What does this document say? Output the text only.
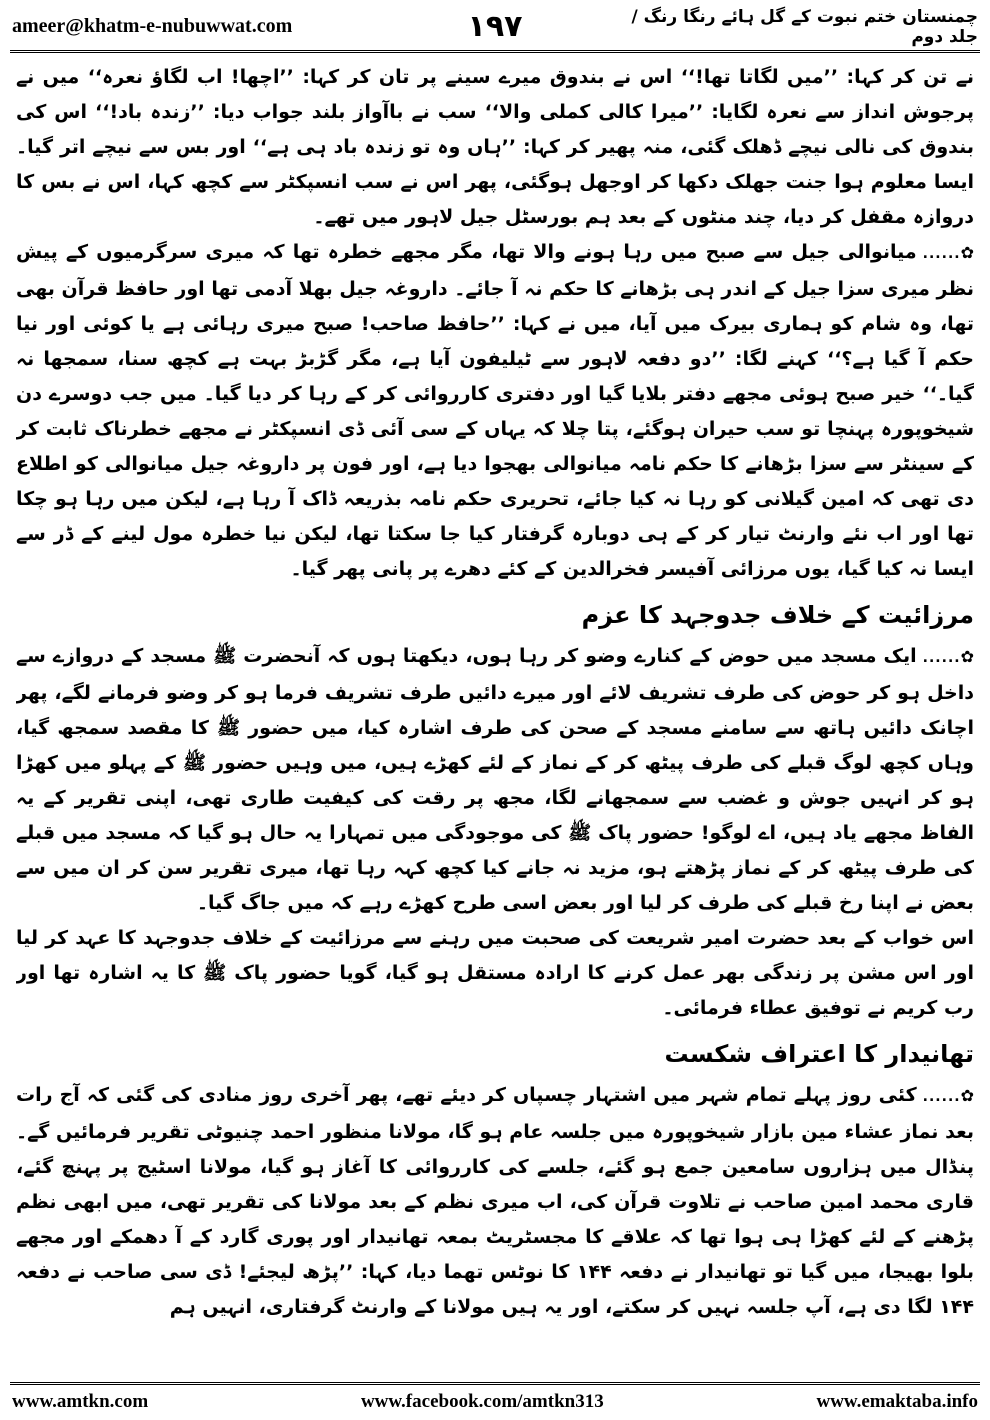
ameer@khatm-e-nubuwwat.com	۱۹۷	چمنستان ختم نبوت کے گل ہائے رنگا رنگ / جلد دوم

نے تن کر کہا: ’’میں لگاتا تھا!‘‘ اس نے بندوق میرے سینے پر تان کر کہا: ’’اچھا! اب لگاؤ نعرہ‘‘ میں نے پرجوش انداز سے نعرہ لگایا: ’’میرا کالی کملی والا‘‘ سب نے باآواز بلند جواب دیا: ’’زندہ باد!‘‘ اس کی بندوق کی نالی نیچے ڈھلک گئی، منہ پھیر کر کہا: ’’ہاں وہ تو زندہ باد ہی ہے‘‘ اور بس سے نیچے اتر گیا۔ ایسا معلوم ہوا جنت جھلک دکھا کر اوجھل ہوگئی، پھر اس نے سب انسپکٹر سے کچھ کہا، اس نے بس کا دروازہ مقفل کر دیا، چند منٹوں کے بعد ہم بورسٹل جیل لاہور میں تھے۔

✿......میانوالی جیل سے صبح میں رہا ہونے والا تھا، مگر مجھے خطرہ تھا کہ میری سرگرمیوں کے پیش نظر میری سزا جیل کے اندر ہی بڑھانے کا حکم نہ آ جائے۔ داروغہ جیل بھلا آدمی تھا اور حافظ قرآن بھی تھا، وہ شام کو ہماری بیرک میں آیا، میں نے کہا: ’’حافظ صاحب! صبح میری رہائی ہے یا کوئی اور نیا حکم آ گیا ہے؟‘‘ کہنے لگا: ’’دو دفعہ لاہور سے ٹیلیفون آیا ہے، مگر گڑبڑ بہت ہے کچھ سنا، سمجھا نہ گیا۔‘‘ خیر صبح ہوئی مجھے دفتر بلایا گیا اور دفتری کارروائی کر کے رہا کر دیا گیا۔ میں جب دوسرے دن شیخوپورہ پہنچا تو سب حیران ہوگئے، پتا چلا کہ یہاں کے سی آئی ڈی انسپکٹر نے مجھے خطرناک ثابت کر کے سینٹر سے سزا بڑھانے کا حکم نامہ میانوالی بھجوا دیا ہے، اور فون پر داروغہ جیل میانوالی کو اطلاع دی تھی کہ امین گیلانی کو رہا نہ کیا جائے، تحریری حکم نامہ بذریعہ ڈاک آ رہا ہے، لیکن میں رہا ہو چکا تھا اور اب نئے وارنٹ تیار کر کے ہی دوبارہ گرفتار کیا جا سکتا تھا، لیکن نیا خطرہ مول لینے کے ڈر سے ایسا نہ کیا گیا، یوں مرزائی آفیسر فخرالدین کے کئے دھرے پر پانی پھر گیا۔

مرزائیت کے خلاف جدوجہد کا عزم

✿......ایک مسجد میں حوض کے کنارے وضو کر رہا ہوں، دیکھتا ہوں کہ آنحضرت ﷺ مسجد کے دروازے سے داخل ہو کر حوض کی طرف تشریف لائے اور میرے دائیں طرف تشریف فرما ہو کر وضو فرمانے لگے، پھر اچانک دائیں ہاتھ سے سامنے مسجد کے صحن کی طرف اشارہ کیا، میں حضور ﷺ کا مقصد سمجھ گیا، وہاں کچھ لوگ قبلے کی طرف پیٹھ کر کے نماز کے لئے کھڑے ہیں، میں وہیں حضور ﷺ کے پہلو میں کھڑا ہو کر انہیں جوش و غضب سے سمجھانے لگا، مجھ پر رقت کی کیفیت طاری تھی، اپنی تقریر کے یہ الفاظ مجھے یاد ہیں، اے لوگو! حضور پاک ﷺ کی موجودگی میں تمہارا یہ حال ہو گیا کہ مسجد میں قبلے کی طرف پیٹھ کر کے نماز پڑھتے ہو، مزید نہ جانے کیا کچھ کہہ رہا تھا، میری تقریر سن کر ان میں سے بعض نے اپنا رخ قبلے کی طرف کر لیا اور بعض اسی طرح کھڑے رہے کہ میں جاگ گیا۔

اس خواب کے بعد حضرت امیر شریعت کی صحبت میں رہنے سے مرزائیت کے خلاف جدوجہد کا عہد کر لیا اور اس مشن پر زندگی بھر عمل کرنے کا ارادہ مستقل ہو گیا، گویا حضور پاک ﷺ کا یہ اشارہ تھا اور رب کریم نے توفیق عطاء فرمائی۔

تھانیدار کا اعتراف شکست

✿......کئی روز پہلے تمام شہر میں اشتہار چسپاں کر دیئے تھے، پھر آخری روز منادی کی گئی کہ آج رات بعد نماز عشاء مین بازار شیخوپورہ میں جلسہ عام ہو گا، مولانا منظور احمد چنیوٹی تقریر فرمائیں گے۔ پنڈال میں ہزاروں سامعین جمع ہو گئے، جلسے کی کارروائی کا آغاز ہو گیا، مولانا اسٹیج پر پہنچ گئے، قاری محمد امین صاحب نے تلاوت قرآن کی، اب میری نظم کے بعد مولانا کی تقریر تھی، میں ابھی نظم پڑھنے کے لئے کھڑا ہی ہوا تھا کہ علاقے کا مجسٹریٹ بمعہ تھانیدار اور پوری گارد کے آ دھمکے اور مجھے بلوا بھیجا، میں گیا تو تھانیدار نے دفعہ ۱۴۴ کا نوٹس تھما دیا، کہا: ’’پڑھ لیجئے! ڈی سی صاحب نے دفعہ ۱۴۴ لگا دی ہے، آپ جلسہ نہیں کر سکتے، اور یہ ہیں مولانا کے وارنٹ گرفتاری، انہیں ہم

www.amtkn.com	www.facebook.com/amtkn313	www.emaktaba.info
